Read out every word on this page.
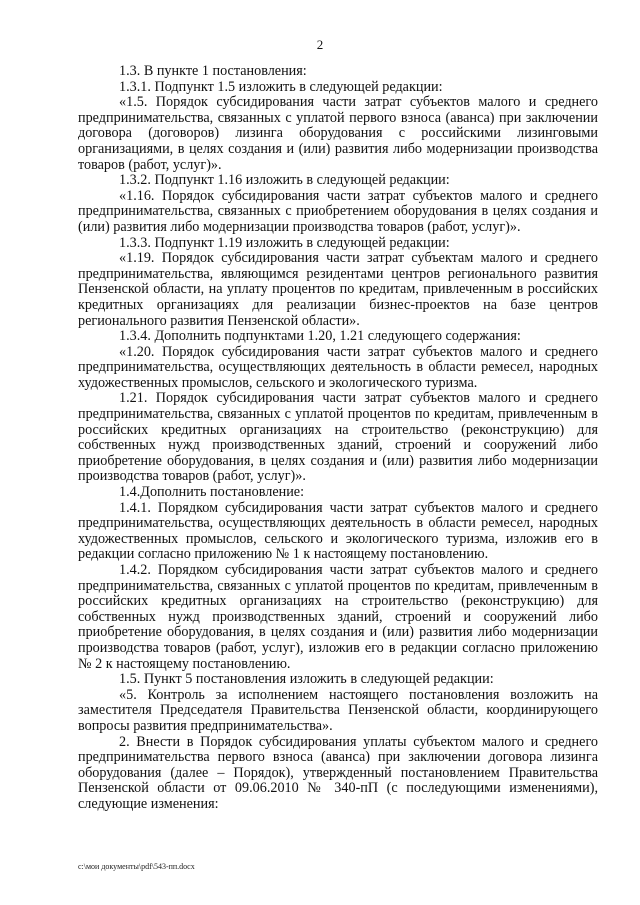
2

1.3. В пункте 1 постановления:

1.3.1. Подпункт 1.5 изложить в следующей редакции:

«1.5. Порядок субсидирования части затрат субъектов малого и среднего предпринимательства, связанных с уплатой первого взноса (аванса) при заключении договора (договоров) лизинга оборудования с российскими лизинговыми организациями, в целях создания и (или) развития либо модернизации производства товаров (работ, услуг)».

1.3.2. Подпункт 1.16 изложить в следующей редакции:

«1.16. Порядок субсидирования части затрат субъектов малого и среднего предпринимательства, связанных с приобретением оборудования в целях создания и (или) развития либо модернизации производства товаров (работ, услуг)».

1.3.3. Подпункт 1.19 изложить в следующей редакции:

«1.19. Порядок субсидирования части затрат субъектам малого и среднего предпринимательства, являющимся резидентами центров регионального развития Пензенской области, на уплату процентов по кредитам, привлеченным в российских кредитных организациях для реализации бизнес-проектов на базе центров регионального развития Пензенской области».

1.3.4. Дополнить подпунктами 1.20, 1.21 следующего содержания:

«1.20. Порядок субсидирования части затрат субъектов малого и среднего предпринимательства, осуществляющих деятельность в области ремесел, народных художественных промыслов, сельского и экологического туризма.

1.21. Порядок субсидирования части затрат субъектов малого и среднего предпринимательства, связанных с уплатой процентов по кредитам, привлеченным в российских кредитных организациях на строительство (реконструкцию) для собственных нужд производственных зданий, строений и сооружений либо приобретение оборудования, в целях создания и (или) развития либо модернизации производства товаров (работ, услуг)».

1.4.Дополнить постановление:

1.4.1. Порядком субсидирования части затрат субъектов малого и среднего предпринимательства, осуществляющих деятельность в области ремесел, народных художественных промыслов, сельского и экологического туризма, изложив его в редакции согласно приложению № 1 к настоящему постановлению.

1.4.2. Порядком субсидирования части затрат субъектов малого и среднего предпринимательства, связанных с уплатой процентов по кредитам, привлеченным в российских кредитных организациях на строительство (реконструкцию) для собственных нужд производственных зданий, строений и сооружений либо приобретение оборудования, в целях создания и (или) развития либо модернизации производства товаров (работ, услуг), изложив его в редакции согласно приложению № 2 к настоящему постановлению.

1.5. Пункт 5 постановления изложить в следующей редакции:

«5. Контроль за исполнением настоящего постановления возложить на заместителя Председателя Правительства Пензенской области, координирующего вопросы развития предпринимательства».

2. Внести в Порядок субсидирования уплаты субъектом малого и среднего предпринимательства первого взноса (аванса) при заключении договора лизинга оборудования (далее – Порядок), утвержденный постановлением Правительства Пензенской области от 09.06.2010 № 340-пП (с последующими изменениями), следующие изменения:

c:\мои документы\pdf\543-пп.docx
